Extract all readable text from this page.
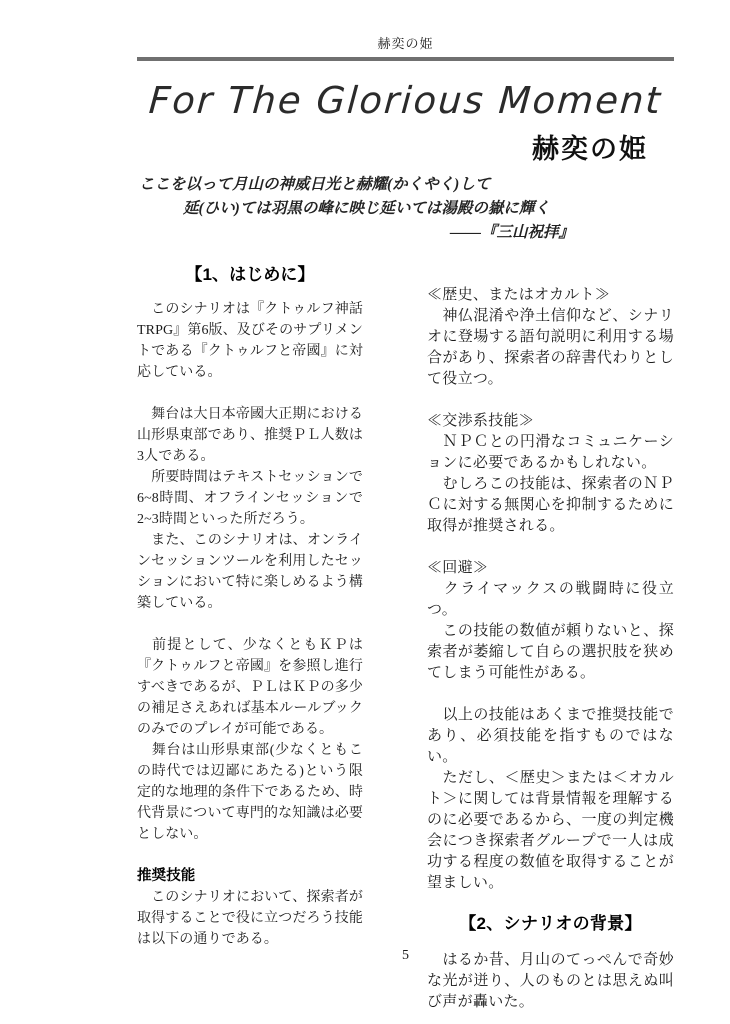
赫奕の姫
For The Glorious Moment
赫奕の姫
ここを以って月山の神威日光と赫耀(かくやく)して
延(ひい)ては羽黒の峰に映じ延いては湯殿の嶽に輝く
――『三山祝拝』
【1、はじめに】

　このシナリオは『クトゥルフ神話TRPG』第6版、及びそのサプリメントである『クトゥルフと帝國』に対応している。

　舞台は大日本帝國大正期における山形県東部であり、推奨ＰＬ人数は3人である。

　所要時間はテキストセッションで6~8時間、オフラインセッションで2~3時間といった所だろう。

　また、このシナリオは、オンラインセッションツールを利用したセッションにおいて特に楽しめるよう構築している。

　前提として、少なくともＫＰは『クトゥルフと帝國』を参照し進行すべきであるが、ＰＬはＫＰの多少の補足さえあれば基本ルールブックのみでのプレイが可能である。

　舞台は山形県東部(少なくともこの時代では辺鄙にあたる)という限定的な地理的条件下であるため、時代背景について専門的な知識は必要としない。

推奨技能

　このシナリオにおいて、探索者が取得することで役に立つだろう技能は以下の通りである。

≪歴史、またはオカルト≫

　神仏混淆や浄土信仰など、シナリオに登場する語句説明に利用する場合があり、探索者の辞書代わりとして役立つ。

≪交渉系技能≫

　ＮＰＣとの円滑なコミュニケーションに必要であるかもしれない。

　むしろこの技能は、探索者のＮＰＣに対する無関心を抑制するために取得が推奨される。

≪回避≫

　クライマックスの戦闘時に役立つ。

　この技能の数値が頼りないと、探索者が萎縮して自らの選択肢を狭めてしまう可能性がある。

　以上の技能はあくまで推奨技能であり、必須技能を指すものではない。

　ただし、＜歴史＞または＜オカルト＞に関しては背景情報を理解するのに必要であるから、一度の判定機会につき探索者グループで一人は成功する程度の数値を取得することが望ましい。

【2、シナリオの背景】

　はるか昔、月山のてっぺんで奇妙な光が迸り、人のものとは思えぬ叫び声が轟いた。

5
